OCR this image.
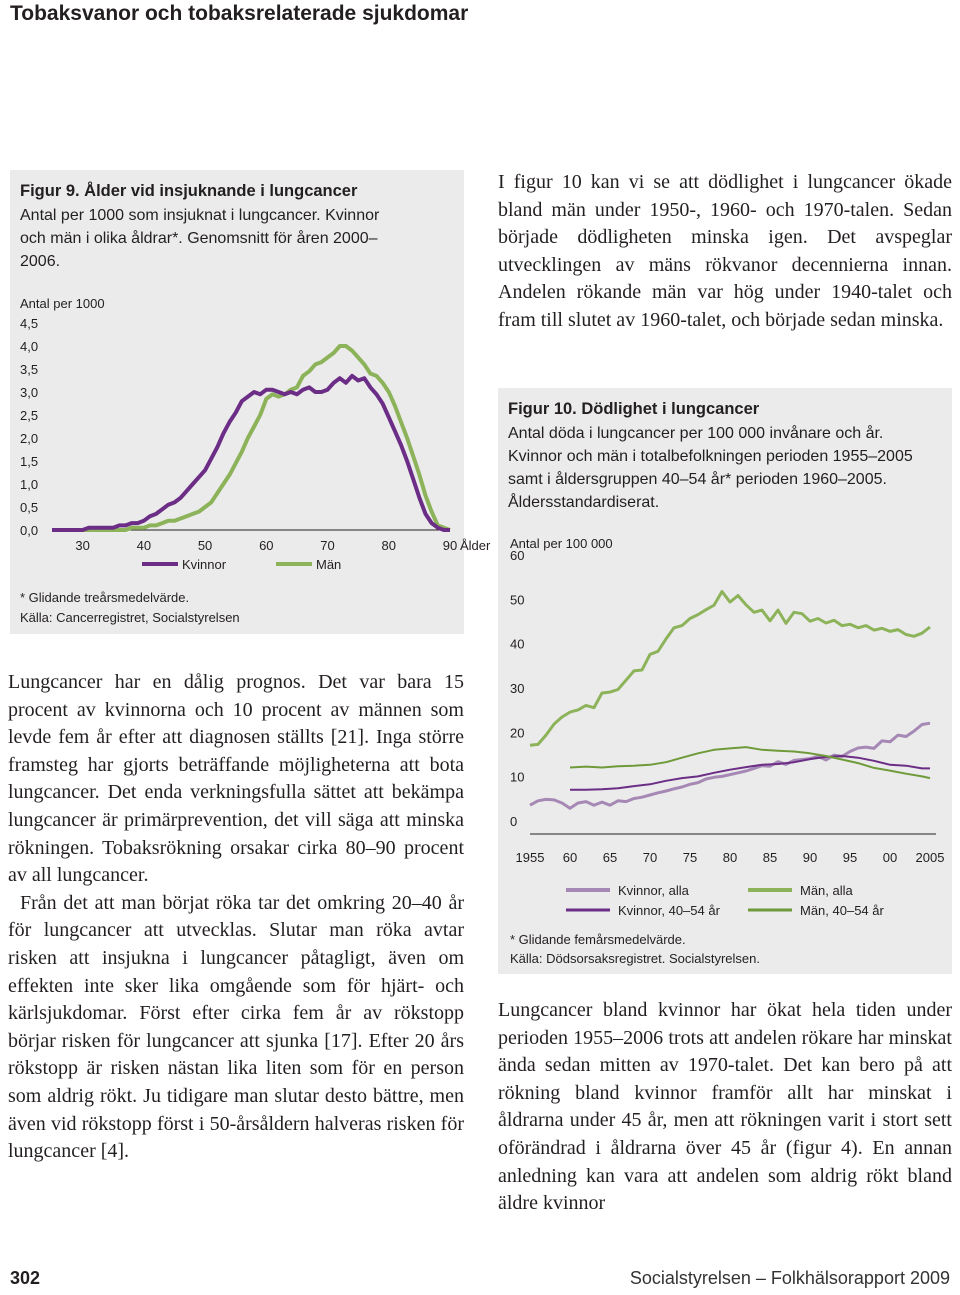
Tobaksvanor och tobaksrelaterade sjukdomar
Figur 9. Ålder vid insjuknande i lungcancer
Antal per 1000 som insjuknat i lungcancer. Kvinnor och män i olika åldrar*. Genomsnitt för åren 2000–2006.
Antal per 1000
0,0
0,5
1,0
1,5
2,0
2,5
3,0
3,5
4,0
4,5
30	40	50	60	70	80	90 Ålder
Kvinnor	Män
* Glidande treårsmedelvärde.
Källa: Cancerregistret, Socialstyrelsen

Lungcancer har en dålig prognos. Det var bara 15 procent av kvinnorna och 10 procent av männen som levde fem år efter att diagnosen ställts [21]. Inga större framsteg har gjorts beträffande möjligheterna att bota lungcancer. Det enda verkningsfulla sättet att bekämpa lungcancer är primärprevention, det vill säga att minska rökningen. Tobaksrökning orsakar cirka 80–90 procent av all lungcancer.

Från det att man börjat röka tar det omkring 20–40 år för lungcancer att utvecklas. Slutar man röka avtar risken att insjukna i lungcancer påtagligt, även om effekten inte sker lika omgående som för hjärt- och kärlsjukdomar. Först efter cirka fem år av rökstopp börjar risken för lungcancer att sjunka [17]. Efter 20 års rökstopp är risken nästan lika liten som för en person som aldrig rökt. Ju tidigare man slutar desto bättre, men även vid rökstopp först i 50-årsåldern halveras risken för lungcancer [4].

I figur 10 kan vi se att dödlighet i lungcancer ökade bland män under 1950-, 1960- och 1970-talen. Sedan började dödligheten minska igen. Det avspeglar utvecklingen av mäns rökvanor decennierna innan. Andelen rökande män var hög under 1940-talet och fram till slutet av 1960-talet, och började sedan minska.

Figur 10. Dödlighet i lungcancer
Antal döda i lungcancer per 100 000 invånare och år. Kvinnor och män i totalbefolkningen perioden 1955–2005 samt i åldersgruppen 40–54 år* perioden 1960–2005. Åldersstandardiserat.
Antal per 100 000
0
10
20
30
40
50
60
1955 60 65 70 75 80 85 90 95 00 2005
Kvinnor, alla	Män, alla
Kvinnor, 40–54 år	Män, 40–54 år
* Glidande femårsmedelvärde.
Källa: Dödsorsaksregistret. Socialstyrelsen.

Lungcancer bland kvinnor har ökat hela tiden under perioden 1955–2006 trots att andelen rökare har minskat ända sedan mitten av 1970-talet. Det kan bero på att rökning bland kvinnor framför allt har minskat i åldrarna under 45 år, men att rökningen varit i stort sett oförändrad i åldrarna över 45 år (figur 4). En annan anledning kan vara att andelen som aldrig rökt bland äldre kvinnor

302	Socialstyrelsen – Folkhälsorapport 2009
